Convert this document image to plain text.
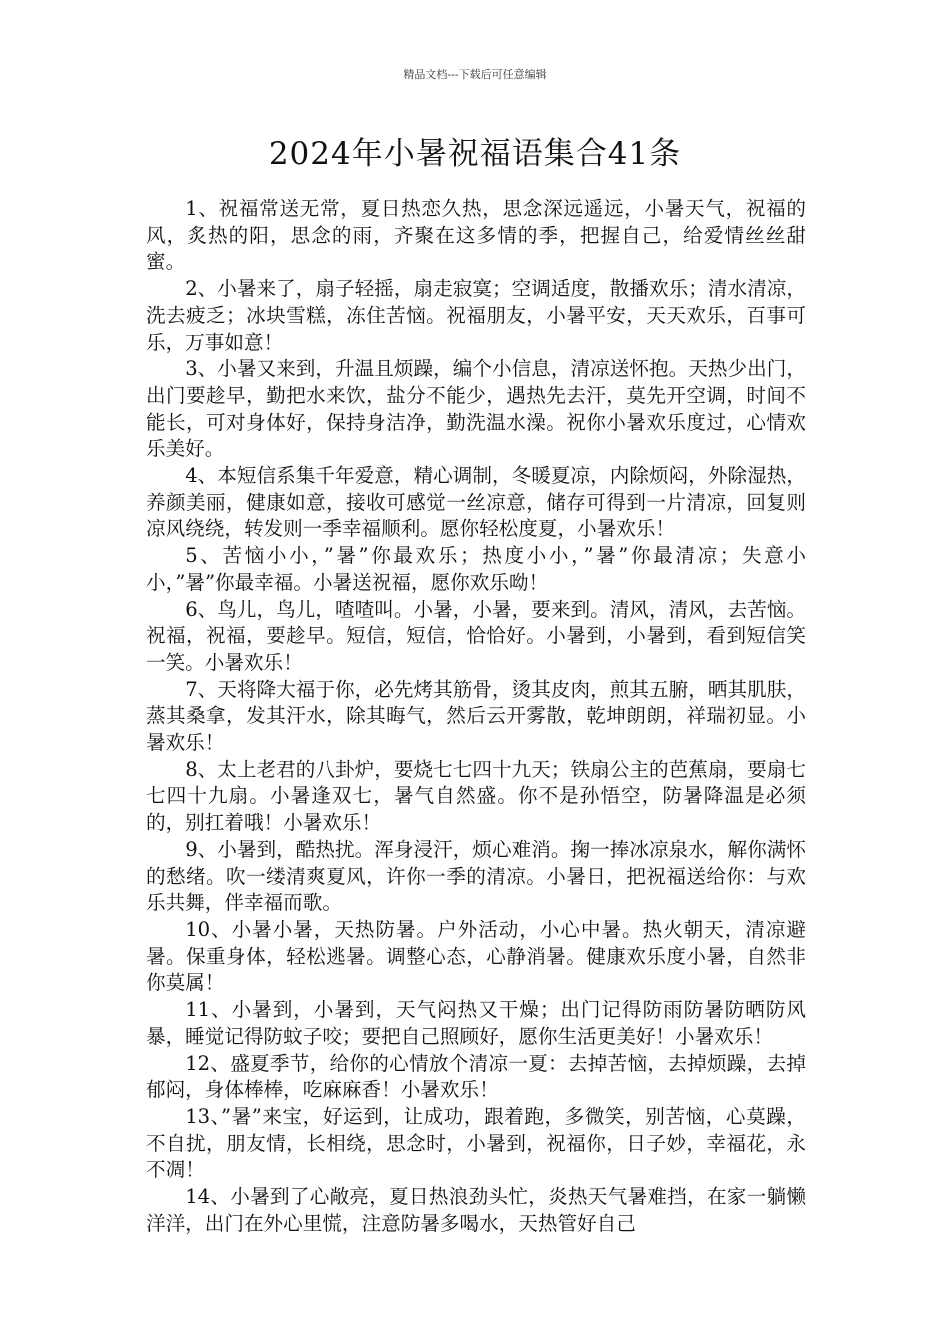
精品文档---下载后可任意编辑
2024年小暑祝福语集合41条

1、祝福常送无常，夏日热恋久热，思念深远遥远，小暑天气，祝福的风，炙热的阳，思念的雨，齐聚在这多情的季，把握自己，给爱情丝丝甜蜜。

2、小暑来了，扇子轻摇，扇走寂寞；空调适度，散播欢乐；清水清凉，洗去疲乏；冰块雪糕，冻住苦恼。祝福朋友，小暑平安，天天欢乐，百事可乐，万事如意！

3、小暑又来到，升温且烦躁，编个小信息，清凉送怀抱。天热少出门，出门要趁早，勤把水来饮，盐分不能少，遇热先去汗，莫先开空调，时间不能长，可对身体好，保持身洁净，勤洗温水澡。祝你小暑欢乐度过，心情欢乐美好。

4、本短信系集千年爱意，精心调制，冬暖夏凉，内除烦闷，外除湿热，养颜美丽，健康如意，接收可感觉一丝凉意，储存可得到一片清凉，回复则凉风绕绕，转发则一季幸福顺利。愿你轻松度夏，小暑欢乐！

5、苦恼小小，”暑”你最欢乐；热度小小，”暑”你最清凉；失意小小，”暑”你最幸福。小暑送祝福，愿你欢乐呦！

6、鸟儿，鸟儿，喳喳叫。小暑，小暑，要来到。清风，清风，去苦恼。祝福，祝福，要趁早。短信，短信，恰恰好。小暑到，小暑到，看到短信笑一笑。小暑欢乐！

7、天将降大福于你，必先烤其筋骨，烫其皮肉，煎其五腑，晒其肌肤，蒸其桑拿，发其汗水，除其晦气，然后云开雾散，乾坤朗朗，祥瑞初显。小暑欢乐！

8、太上老君的八卦炉，要烧七七四十九天；铁扇公主的芭蕉扇，要扇七七四十九扇。小暑逢双七，暑气自然盛。你不是孙悟空，防暑降温是必须的，别扛着哦！小暑欢乐！

9、小暑到，酷热扰。浑身浸汗，烦心难消。掬一捧冰凉泉水，解你满怀的愁绪。吹一缕清爽夏风，许你一季的清凉。小暑日，把祝福送给你：与欢乐共舞，伴幸福而歌。

10、小暑小暑，天热防暑。户外活动，小心中暑。热火朝天，清凉避暑。保重身体，轻松逃暑。调整心态，心静消暑。健康欢乐度小暑，自然非你莫属！

11、小暑到，小暑到，天气闷热又干燥；出门记得防雨防暑防晒防风暴，睡觉记得防蚊子咬；要把自己照顾好，愿你生活更美好！小暑欢乐！

12、盛夏季节，给你的心情放个清凉一夏：去掉苦恼，去掉烦躁，去掉郁闷，身体棒棒，吃麻麻香！小暑欢乐！

13、”暑”来宝，好运到，让成功，跟着跑，多微笑，别苦恼，心莫躁，不自扰，朋友情，长相绕，思念时，小暑到，祝福你，日子妙，幸福花，永不凋！

14、小暑到了心敞亮，夏日热浪劲头忙，炎热天气暑难挡，在家一躺懒洋洋，出门在外心里慌，注意防暑多喝水，天热管好自己
